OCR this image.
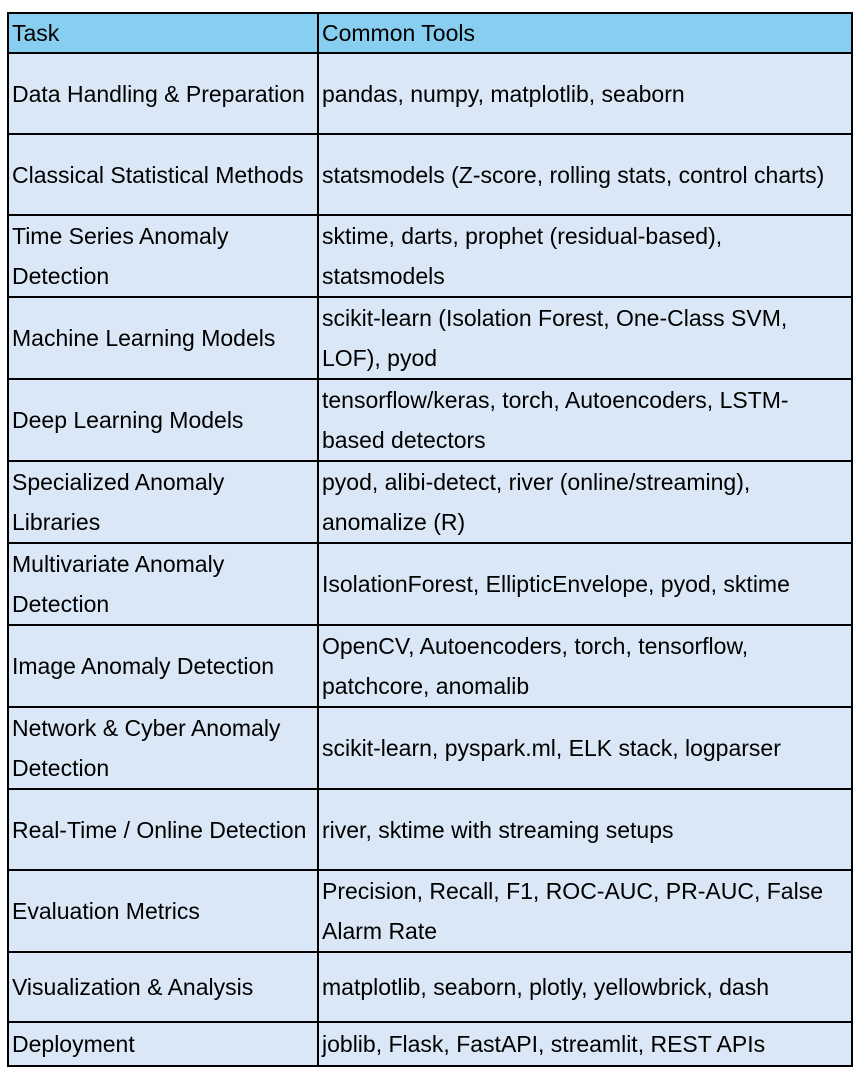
Task	Common Tools
Data Handling & Preparation	pandas, numpy, matplotlib, seaborn
Classical Statistical Methods	statsmodels (Z-score, rolling stats, control charts)
Time Series Anomaly Detection	sktime, darts, prophet (residual-based), statsmodels
Machine Learning Models	scikit-learn (Isolation Forest, One-Class SVM, LOF), pyod
Deep Learning Models	tensorflow/keras, torch, Autoencoders, LSTM-based detectors
Specialized Anomaly Libraries	pyod, alibi-detect, river (online/streaming), anomalize (R)
Multivariate Anomaly Detection	IsolationForest, EllipticEnvelope, pyod, sktime
Image Anomaly Detection	OpenCV, Autoencoders, torch, tensorflow, patchcore, anomalib
Network & Cyber Anomaly Detection	scikit-learn, pyspark.ml, ELK stack, logparser
Real-Time / Online Detection	river, sktime with streaming setups
Evaluation Metrics	Precision, Recall, F1, ROC-AUC, PR-AUC, False Alarm Rate
Visualization & Analysis	matplotlib, seaborn, plotly, yellowbrick, dash
Deployment	joblib, Flask, FastAPI, streamlit, REST APIs
